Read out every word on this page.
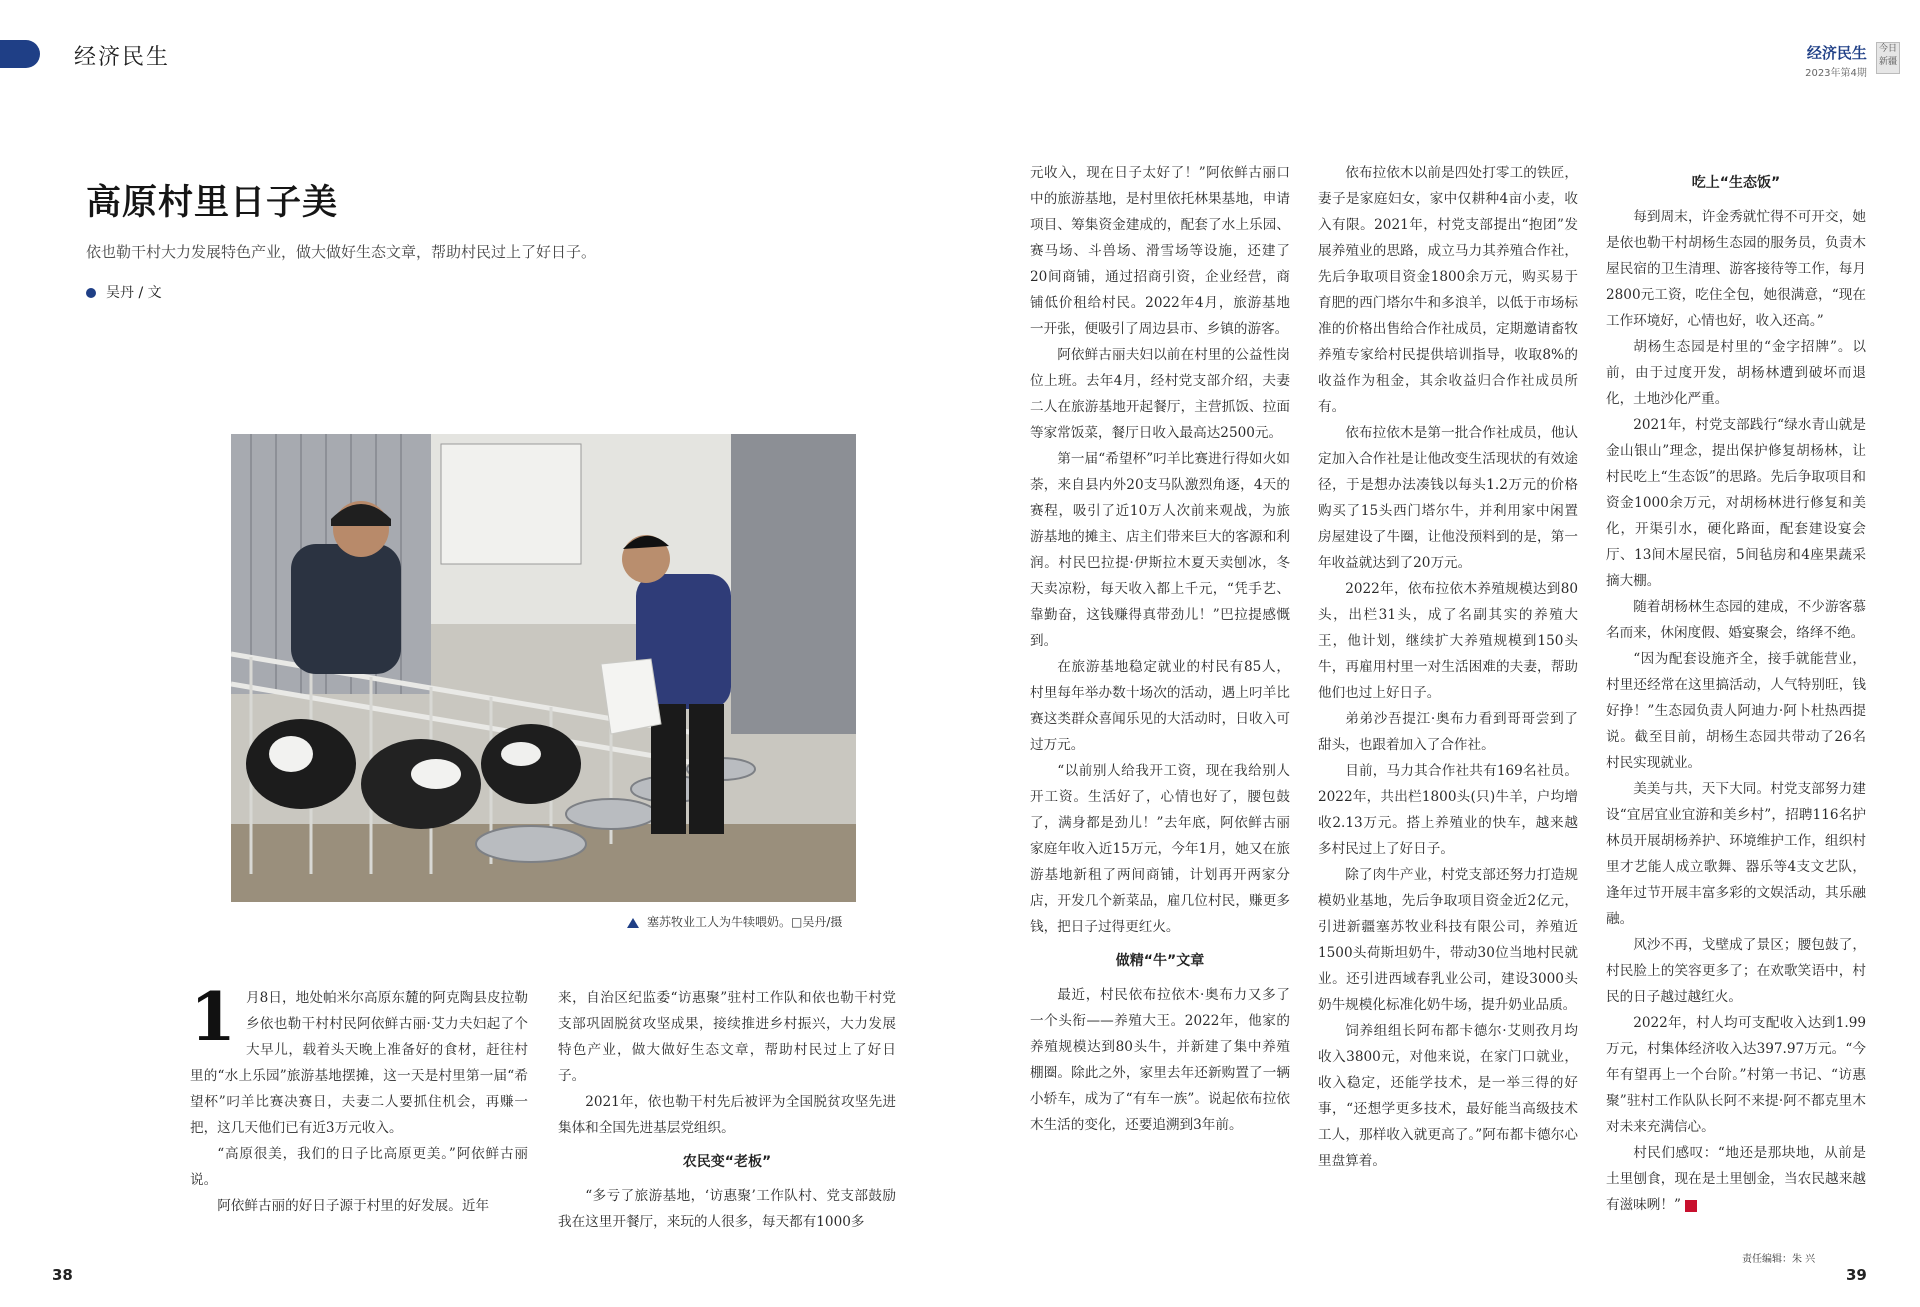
经济民生	经济民生
2023年第4期
今日新疆
高原村里日子美
依也勒干村大力发展特色产业，做大做好生态文章，帮助村民过上了好日子。
吴丹 / 文
塞苏牧业工人为牛犊喂奶。□吴丹/摄

1 月8日，地处帕米尔高原东麓的阿克陶县皮拉勒乡依也勒干村村民阿依鲜古丽·艾力夫妇起了个大早儿，载着头天晚上准备好的食材，赶往村里的“水上乐园”旅游基地摆摊，这一天是村里第一届“希望杯”叼羊比赛决赛日，夫妻二人要抓住机会，再赚一把，这几天他们已有近3万元收入。

“高原很美，我们的日子比高原更美。”阿依鲜古丽说。

阿依鲜古丽的好日子源于村里的好发展。近年

来，自治区纪监委“访惠聚”驻村工作队和依也勒干村党支部巩固脱贫攻坚成果，接续推进乡村振兴，大力发展特色产业，做大做好生态文章，帮助村民过上了好日子。

2021年，依也勒干村先后被评为全国脱贫攻坚先进集体和全国先进基层党组织。

农民变“老板”

“多亏了旅游基地，‘访惠聚’工作队村、党支部鼓励我在这里开餐厅，来玩的人很多，每天都有1000多

元收入，现在日子太好了！”阿依鲜古丽口中的旅游基地，是村里依托林果基地，申请项目、筹集资金建成的，配套了水上乐园、赛马场、斗兽场、滑雪场等设施，还建了20间商铺，通过招商引资，企业经营，商铺低价租给村民。2022年4月，旅游基地一开张，便吸引了周边县市、乡镇的游客。

阿依鲜古丽夫妇以前在村里的公益性岗位上班。去年4月，经村党支部介绍，夫妻二人在旅游基地开起餐厅，主营抓饭、拉面等家常饭菜，餐厅日收入最高达2500元。

第一届“希望杯”叼羊比赛进行得如火如荼，来自县内外20支马队激烈角逐，4天的赛程，吸引了近10万人次前来观战，为旅游基地的摊主、店主们带来巨大的客源和利润。村民巴拉提·伊斯拉木夏天卖刨冰，冬天卖凉粉，每天收入都上千元，“凭手艺、靠勤奋，这钱赚得真带劲儿！”巴拉提感慨到。

在旅游基地稳定就业的村民有85人，村里每年举办数十场次的活动，遇上叼羊比赛这类群众喜闻乐见的大活动时，日收入可过万元。

“以前别人给我开工资，现在我给别人开工资。生活好了，心情也好了，腰包鼓了，满身都是劲儿！”去年底，阿依鲜古丽家庭年收入近15万元，今年1月，她又在旅游基地新租了两间商铺，计划再开两家分店，开发几个新菜品，雇几位村民，赚更多钱，把日子过得更红火。

做精“牛”文章

最近，村民依布拉依木·奥布力又多了一个头衔——养殖大王。2022年，他家的养殖规模达到80头牛，并新建了集中养殖棚圈。除此之外，家里去年还新购置了一辆小轿车，成为了“有车一族”。说起依布拉依木生活的变化，还要追溯到3年前。

依布拉依木以前是四处打零工的铁匠，妻子是家庭妇女，家中仅耕种4亩小麦，收入有限。2021年，村党支部提出“抱团”发展养殖业的思路，成立马力其养殖合作社，先后争取项目资金1800余万元，购买易于育肥的西门塔尔牛和多浪羊，以低于市场标准的价格出售给合作社成员，定期邀请畜牧养殖专家给村民提供培训指导，收取8%的收益作为租金，其余收益归合作社成员所有。

依布拉依木是第一批合作社成员，他认定加入合作社是让他改变生活现状的有效途径，于是想办法凑钱以每头1.2万元的价格购买了15头西门塔尔牛，并利用家中闲置房屋建设了牛圈，让他没预料到的是，第一年收益就达到了20万元。

2022年，依布拉依木养殖规模达到80头，出栏31头，成了名副其实的养殖大王，他计划，继续扩大养殖规模到150头牛，再雇用村里一对生活困难的夫妻，帮助他们也过上好日子。

弟弟沙吾提江·奥布力看到哥哥尝到了甜头，也跟着加入了合作社。

目前，马力其合作社共有169名社员。2022年，共出栏1800头(只)牛羊，户均增收2.13万元。搭上养殖业的快车，越来越多村民过上了好日子。

除了肉牛产业，村党支部还努力打造规模奶业基地，先后争取项目资金近2亿元，引进新疆塞苏牧业科技有限公司，养殖近1500头荷斯坦奶牛，带动30位当地村民就业。还引进西域春乳业公司，建设3000头奶牛规模化标准化奶牛场，提升奶业品质。

饲养组组长阿布都卡德尔·艾则孜月均收入3800元，对他来说，在家门口就业，收入稳定，还能学技术，是一举三得的好事，“还想学更多技术，最好能当高级技术工人，那样收入就更高了。”阿布都卡德尔心里盘算着。

吃上“生态饭”

每到周末，许金秀就忙得不可开交，她是依也勒干村胡杨生态园的服务员，负责木屋民宿的卫生清理、游客接待等工作，每月2800元工资，吃住全包，她很满意，“现在工作环境好，心情也好，收入还高。”

胡杨生态园是村里的“金字招牌”。以前，由于过度开发，胡杨林遭到破坏而退化，土地沙化严重。

2021年，村党支部践行“绿水青山就是金山银山”理念，提出保护修复胡杨林，让村民吃上“生态饭”的思路。先后争取项目和资金1000余万元，对胡杨林进行修复和美化，开渠引水，硬化路面，配套建设宴会厅、13间木屋民宿，5间毡房和4座果蔬采摘大棚。

随着胡杨林生态园的建成，不少游客慕名而来，休闲度假、婚宴聚会，络绎不绝。

“因为配套设施齐全，接手就能营业，村里还经常在这里搞活动，人气特别旺，钱好挣！”生态园负责人阿迪力·阿卜杜热西提说。截至目前，胡杨生态园共带动了26名村民实现就业。

美美与共，天下大同。村党支部努力建设“宜居宜业宜游和美乡村”，招聘116名护林员开展胡杨养护、环境维护工作，组织村里才艺能人成立歌舞、器乐等4支文艺队，逢年过节开展丰富多彩的文娱活动，其乐融融。

风沙不再，戈壁成了景区；腰包鼓了，村民脸上的笑容更多了；在欢歌笑语中，村民的日子越过越红火。

2022年，村人均可支配收入达到1.99万元，村集体经济收入达397.97万元。“今年有望再上一个台阶。”村第一书记、“访惠聚”驻村工作队队长阿不来提·阿不都克里木对未来充满信心。

村民们感叹：“地还是那块地，从前是土里刨食，现在是土里刨金，当农民越来越有滋味咧！”

38	39
责任编辑：朱 兴
